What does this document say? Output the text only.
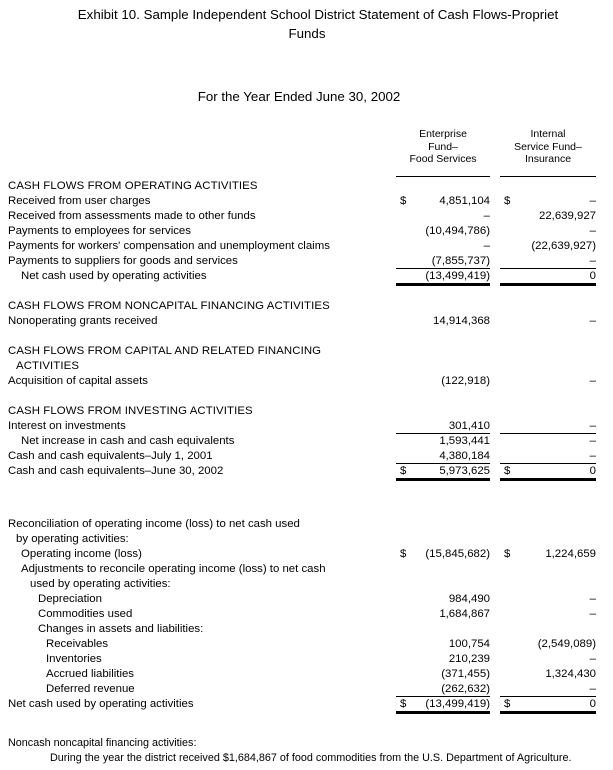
Exhibit 10. Sample Independent School District Statement of Cash Flows-Propriet
Funds
For the Year Ended June 30, 2002
Enterprise
Fund–
Food Services
Internal
Service Fund–
Insurance
CASH FLOWS FROM OPERATING ACTIVITIES
Received from user charges	$	4,851,104 $	–
Received from assessments made to other funds	–	22,639,927
Payments to employees for services	(10,494,786)	–
Payments for workers' compensation and unemployment claims	–	(22,639,927)
Payments to suppliers for goods and services	(7,855,737)	–
Net cash used by operating activities	(13,499,419)	0
CASH FLOWS FROM NONCAPITAL FINANCING ACTIVITIES
Nonoperating grants received	14,914,368	–
CASH FLOWS FROM CAPITAL AND RELATED FINANCING
ACTIVITIES
Acquisition of capital assets	(122,918)	–
CASH FLOWS FROM INVESTING ACTIVITIES
Interest on investments	301,410	–
Net increase in cash and cash equivalents	1,593,441	–
Cash and cash equivalents–July 1, 2001	4,380,184	–
Cash and cash equivalents–June 30, 2002	$	5,973,625 $	0
Reconciliation of operating income (loss) to net cash used
by operating activities:
Operating income (loss)	$	(15,845,682) $	1,224,659
Adjustments to reconcile operating income (loss) to net cash
used by operating activities:
Depreciation	984,490	–
Commodities used	1,684,867	–
Changes in assets and liabilities:
Receivables	100,754	(2,549,089)
Inventories	210,239	–
Accrued liabilities	(371,455)	1,324,430
Deferred revenue	(262,632)	–
Net cash used by operating activities	$	(13,499,419) $	0
Noncash noncapital financing activities:
During the year the district received $1,684,867 of food commodities from the U.S. Department of Agriculture.
